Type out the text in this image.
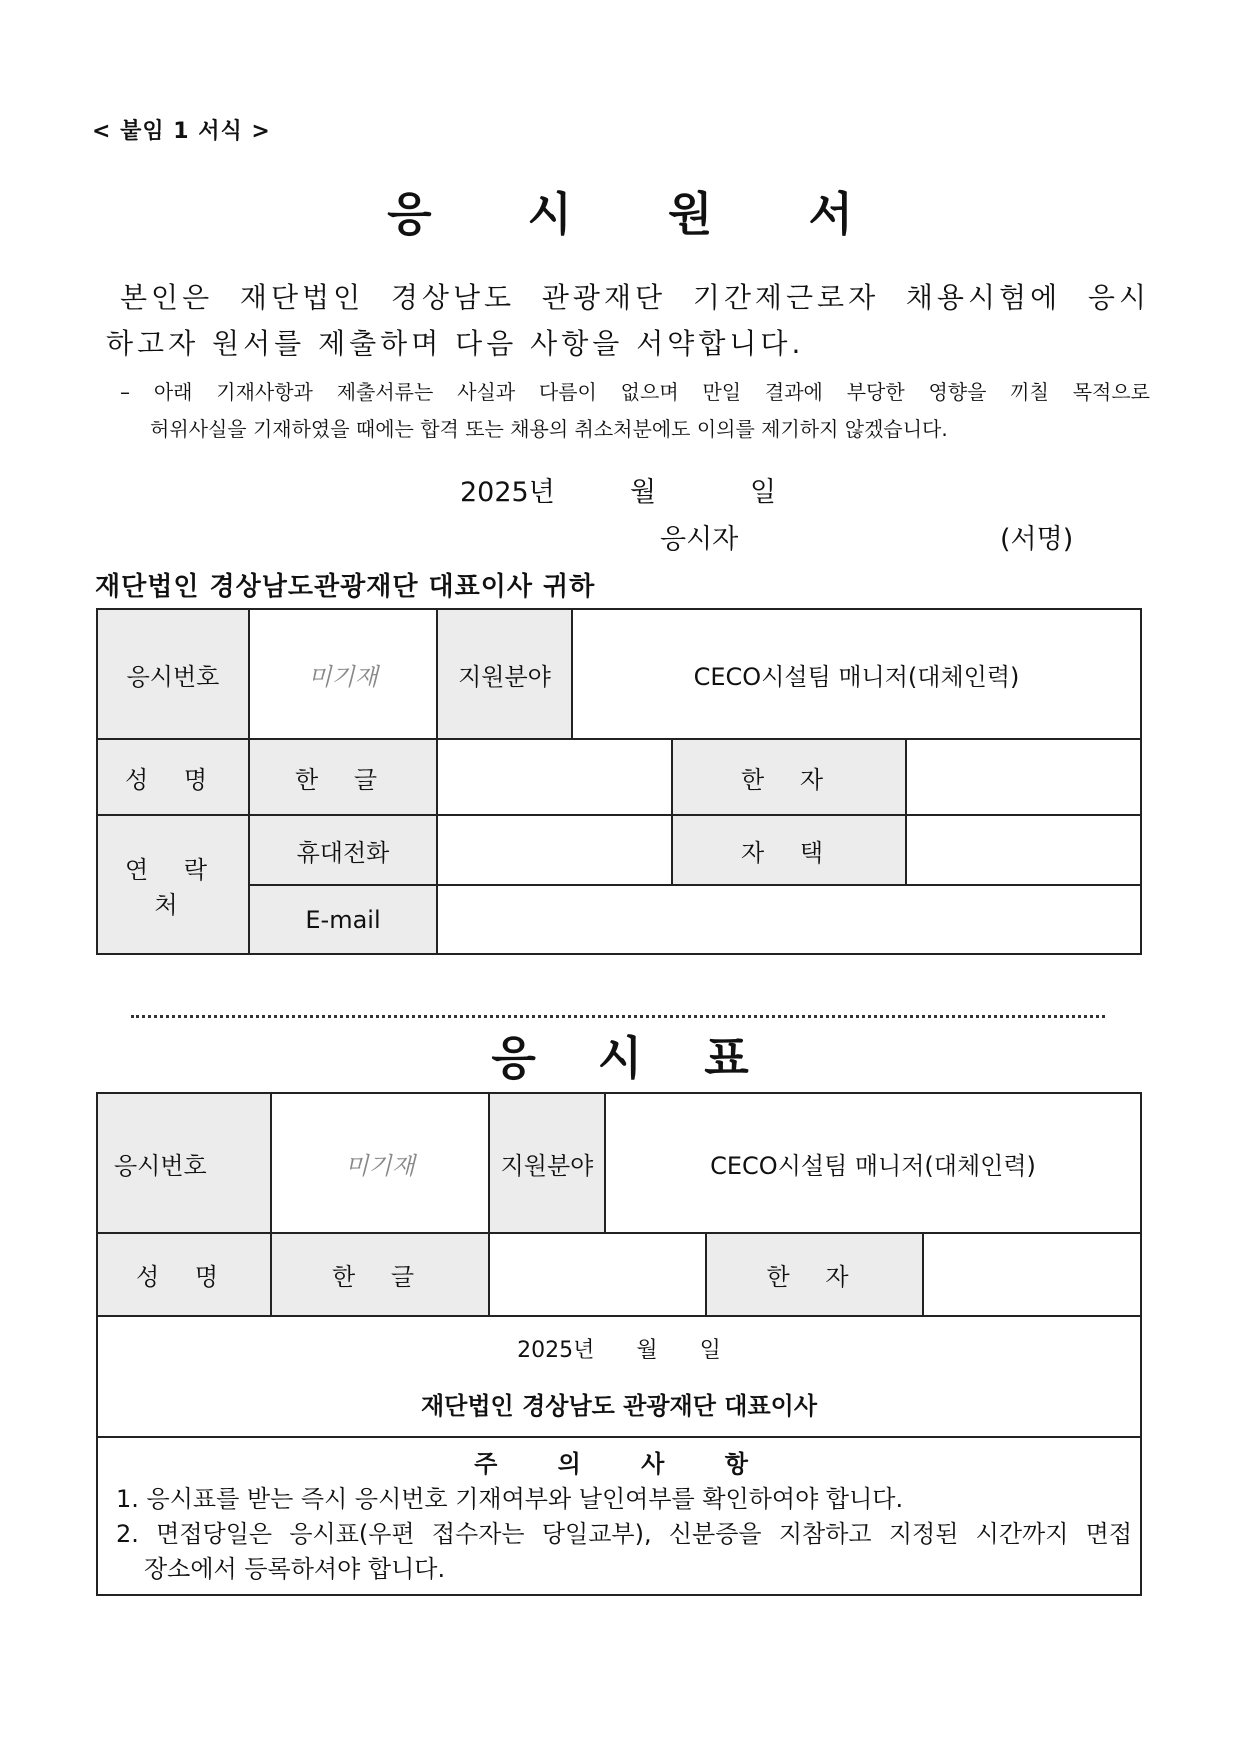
< 붙임 1 서식 >
응 시 원 서
본인은 재단법인 경상남도 관광재단 기간제근로자 채용시험에 응시
하고자 원서를 제출하며 다음 사항을 서약합니다.
– 아래 기재사항과 제출서류는 사실과 다름이 없으며 만일 결과에 부당한 영향을 끼칠 목적으로
허위사실을 기재하였을 때에는 합격 또는 채용의 취소처분에도 이의를 제기하지 않겠습니다.
2025년	월	일
응시자	(서명)
재단법인 경상남도관광재단 대표이사 귀하
응시번호	미기재	지원분야	CECO시설팀 매니저(대체인력)		
성 명	한 글			한 자	
연 락 처	휴대전화			자 택	
	E-mail				
응 시 표
응시번호	미기재	지원분야	CECO시설팀 매니저(대체인력)		
성 명	한 글			한 자	

2025년      월      일
재단법인 경상남도 관광재단 대표이사					

주 의 사 항
1. 응시표를 받는 즉시 응시번호 기재여부와 날인여부를 확인하여야 합니다.
2. 면접당일은 응시표(우편 접수자는 당일교부), 신분증을 지참하고 지정된 시간까지 면접
장소에서 등록하셔야 합니다.					
